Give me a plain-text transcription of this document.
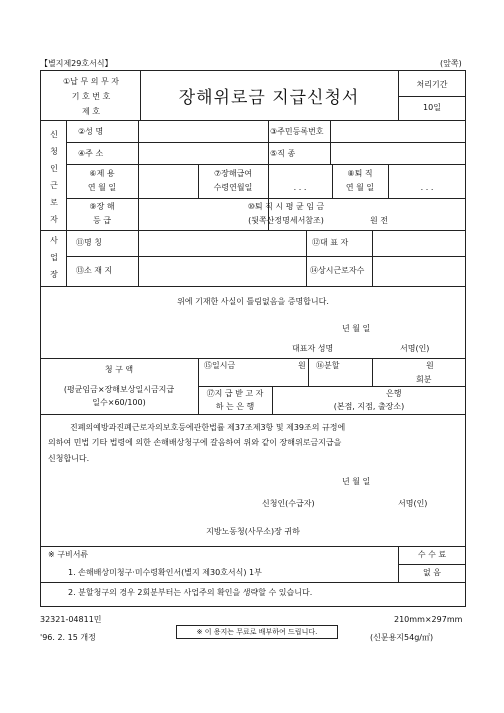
【별지제29호서식】	(앞쪽)
①납 무 의 무 자
기 호 번 호
제 호
장해위로금 지급신청서
처리기간
10일
신청인근로자
②성 명	③주민등록번호
④주 소	⑤직 종
⑥제 용
연 월 일
⑦장해급여
수령연월일	. . .
⑧퇴 직
연 월 일	. . .
⑨장 해
등 급
⑩퇴 직 시 평 균 임 금
(뒷쪽산정명세서참조)	원 전
사업장
⑪명 칭	⑫대 표 자
⑬소 재 지	⑭상시근로자수
위에 기재한 사실이 틀림없음을 증명합니다.
년 월 일
대표자 성명	서명(인)
청 구 액
(평균임금×장해보상일시금지급
일수×60/100)
⑮일시금	원 ⑯분할	원
회분
⑰지 급 받 고 자
하 는 은 행
은행
(본점, 지점, 출장소)
진폐의예방과진폐근로자의보호등에관한법률 제37조제3항 및 제39조의 규정에
의하여 민법 기타 법령에 의한 손해배상청구에 갈음하여 위와 같이 장해위로금지급을
신청합니다.
년 월 일
신청인(수급자)	서명(인)
지방노동청(사무소)장 귀하
※ 구비서류
1. 손해배상미청구·미수령확인서(별지 제30호서식) 1부
수 수 료
없 음
2. 분할청구의 경우 2회분부터는 사업주의 확인을 생략할 수 있습니다.
32321-04811민	210mm×297mm
'96. 2. 15 개정
※ 이 용지는 무료로 배부하여 드립니다.
(신문용지54g/㎡)
